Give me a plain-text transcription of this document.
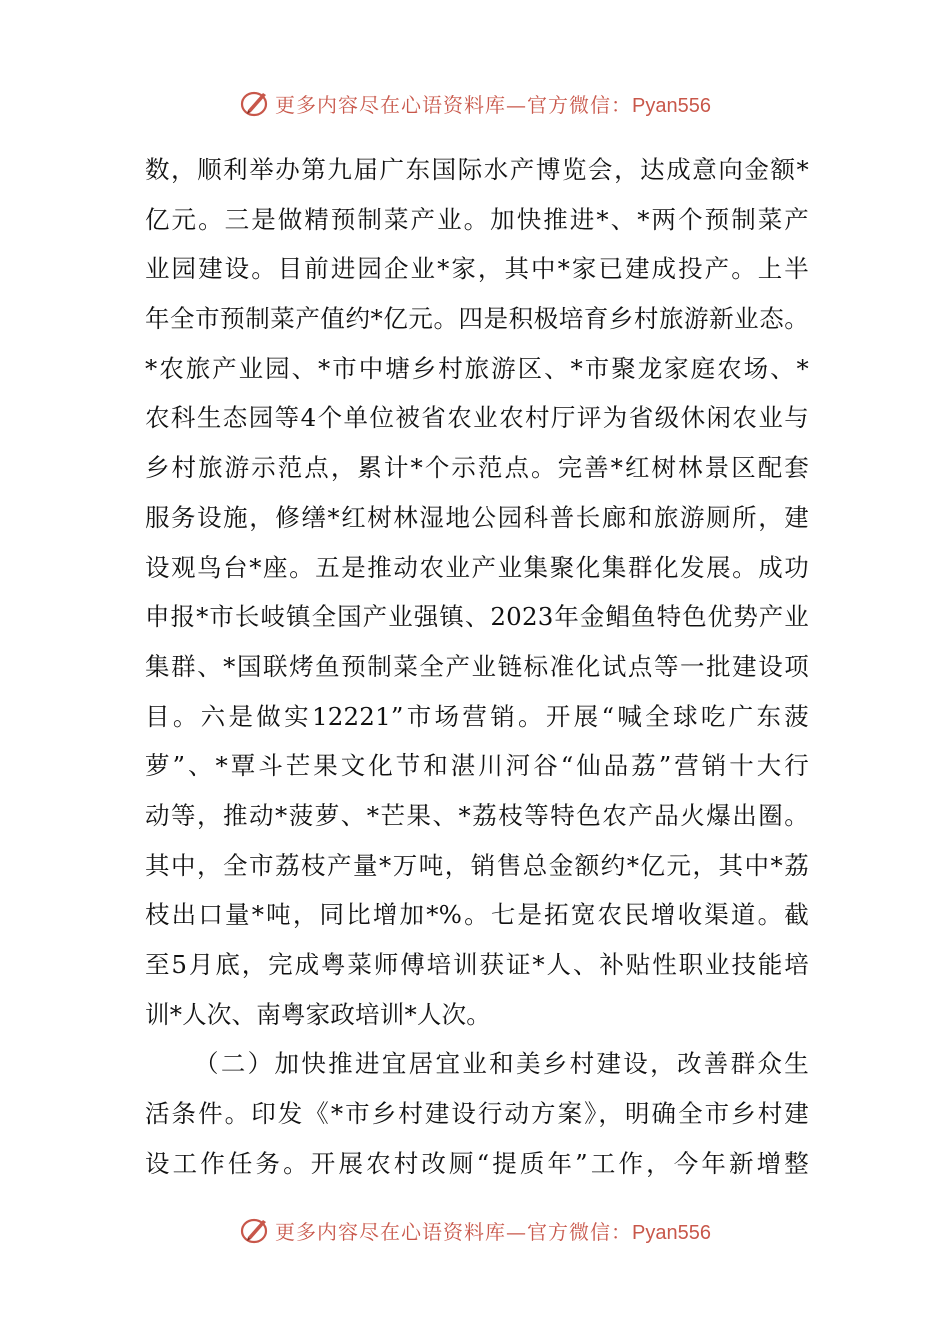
更多内容尽在心语资料库—官方微信：Pyan556
数，顺利举办第九届广东国际水产博览会，达成意向金额*
亿元。三是做精预制菜产业。加快推进*、*两个预制菜产
业园建设。目前进园企业*家，其中*家已建成投产。上半
年全市预制菜产值约*亿元。四是积极培育乡村旅游新业态。
*农旅产业园、*市中塘乡村旅游区、*市聚龙家庭农场、*
农科生态园等4个单位被省农业农村厅评为省级休闲农业与
乡村旅游示范点，累计*个示范点。完善*红树林景区配套
服务设施，修缮*红树林湿地公园科普长廊和旅游厕所，建
设观鸟台*座。五是推动农业产业集聚化集群化发展。成功
申报*市长岐镇全国产业强镇、2023年金鲳鱼特色优势产业
集群、*国联烤鱼预制菜全产业链标准化试点等一批建设项
目。六是做实12221”市场营销。开展“喊全球吃广东菠
萝”、*覃斗芒果文化节和湛川河谷“仙品荔”营销十大行
动等，推动*菠萝、*芒果、*荔枝等特色农产品火爆出圈。
其中，全市荔枝产量*万吨，销售总金额约*亿元，其中*荔
枝出口量*吨，同比增加*%。七是拓宽农民增收渠道。截
至5月底，完成粤菜师傅培训获证*人、补贴性职业技能培
训*人次、南粤家政培训*人次。
（二）加快推进宜居宜业和美乡村建设，改善群众生
活条件。印发《*市乡村建设行动方案》，明确全市乡村建
设工作任务。开展农村改厕“提质年”工作，今年新增整
更多内容尽在心语资料库—官方微信：Pyan556
